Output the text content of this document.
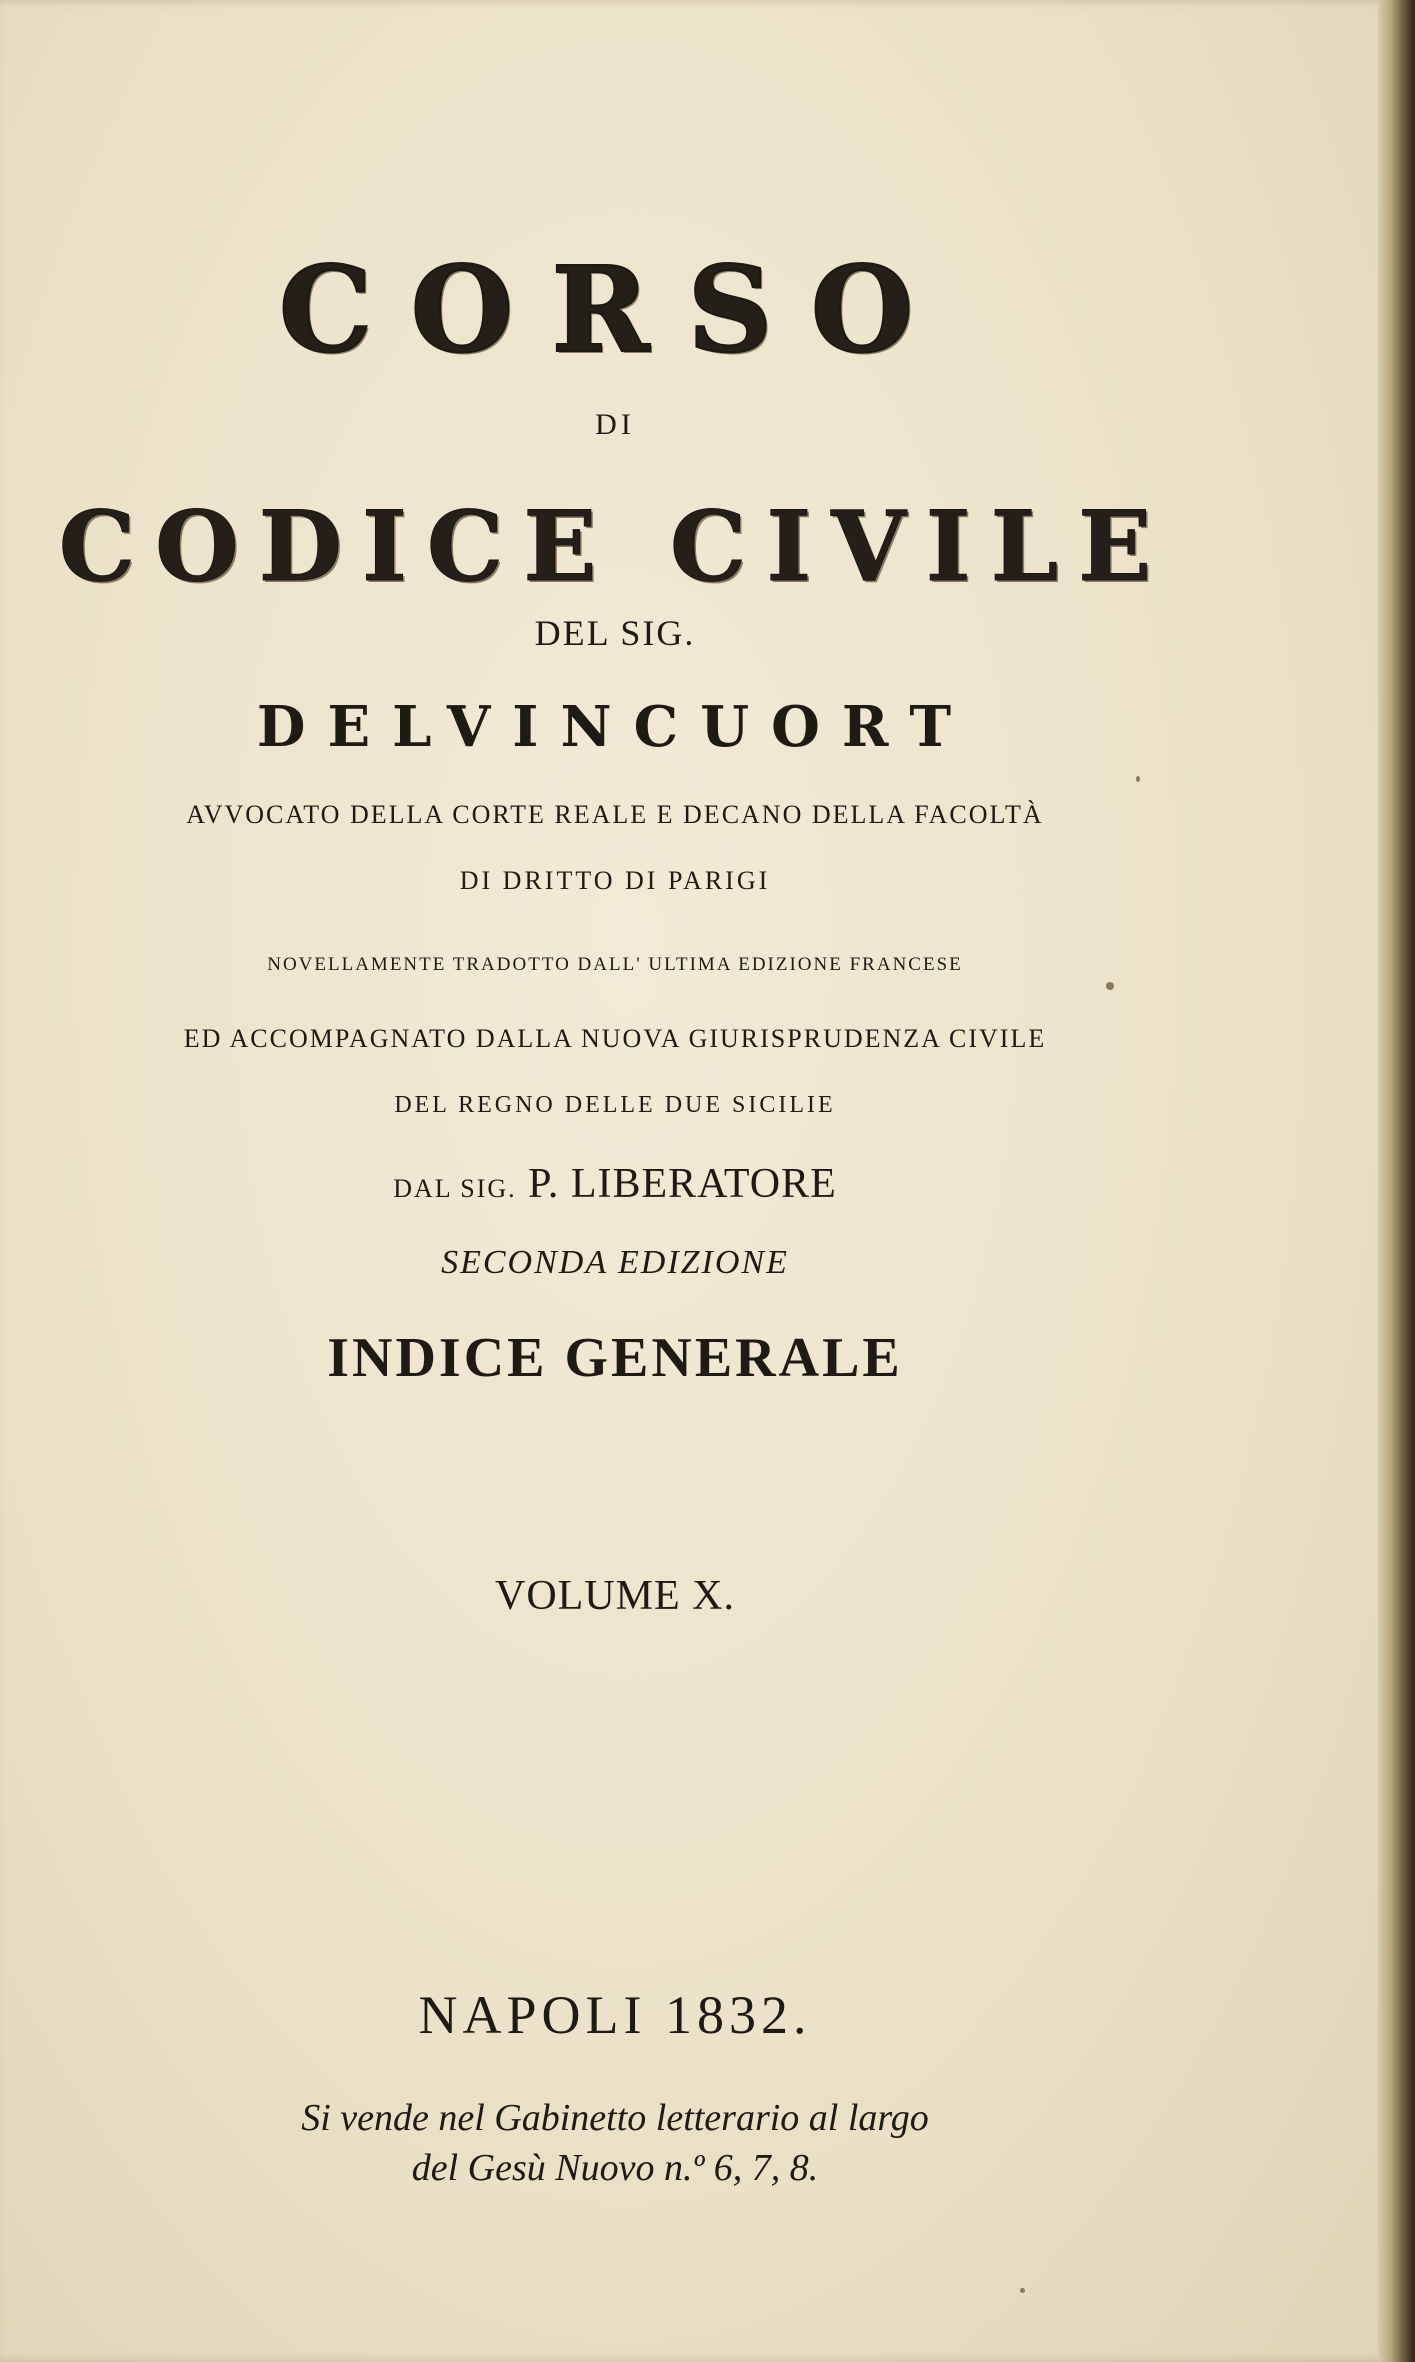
CORSO
DI
CODICE CIVILE
DEL SIG.
DELVINCUORT
AVVOCATO DELLA CORTE REALE E DECANO DELLA FACOLTÀ
DI DRITTO DI PARIGI
NOVELLAMENTE TRADOTTO DALL' ULTIMA EDIZIONE FRANCESE
ED ACCOMPAGNATO DALLA NUOVA GIURISPRUDENZA CIVILE
DEL REGNO DELLE DUE SICILIE
DAL SIG. P. LIBERATORE
SECONDA EDIZIONE
INDICE GENERALE
VOLUME X.
NAPOLI 1832.
Si vende nel Gabinetto letterario al largo
del Gesù Nuovo n.º 6, 7, 8.
